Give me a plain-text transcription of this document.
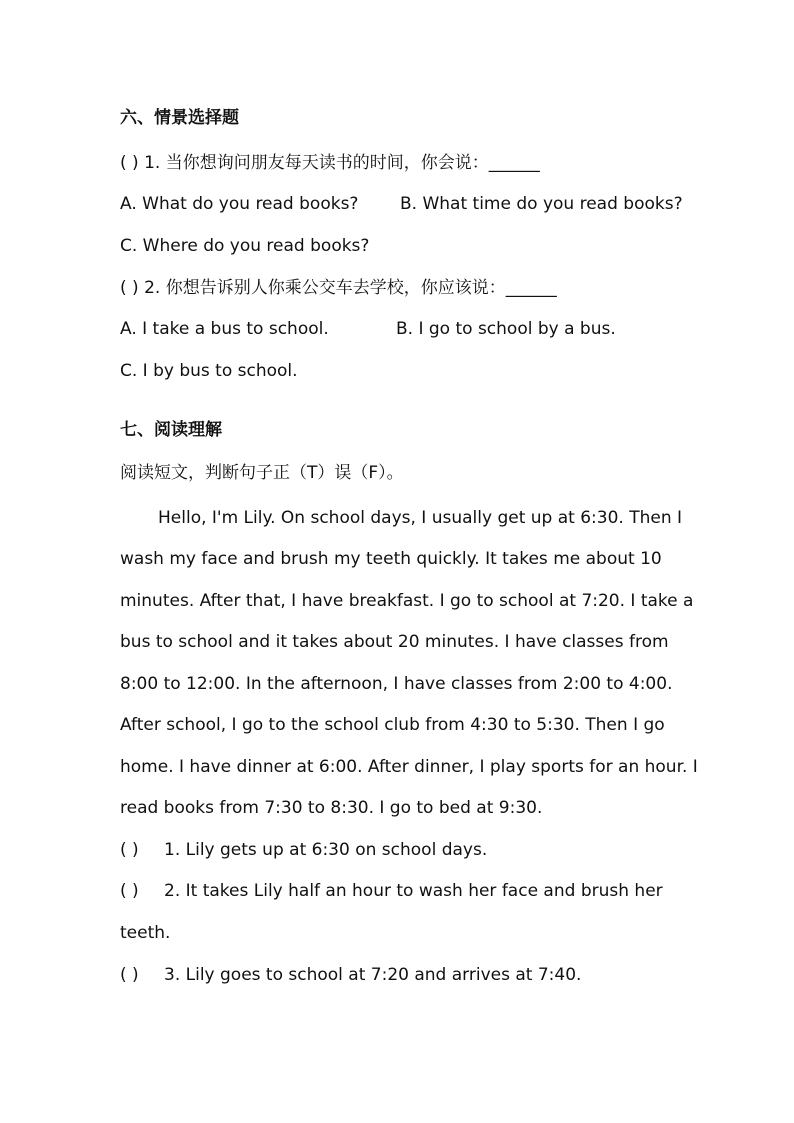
六、情景选择题
( ) 1. 当你想询问朋友每天读书的时间，你会说：______
A. What do you read books? B. What time do you read books?
C. Where do you read books?
( ) 2. 你想告诉别人你乘公交车去学校，你应该说：______
A. I take a bus to school.	B. I go to school by a bus.
C. I by bus to school.
七、阅读理解
阅读短文，判断句子正（T）误（F）。
Hello, I'm Lily. On school days, I usually get up at 6:30. Then I
wash my face and brush my teeth quickly. It takes me about 10
minutes. After that, I have breakfast. I go to school at 7:20. I take a
bus to school and it takes about 20 minutes. I have classes from
8:00 to 12:00. In the afternoon, I have classes from 2:00 to 4:00.
After school, I go to the school club from 4:30 to 5:30. Then I go
home. I have dinner at 6:00. After dinner, I play sports for an hour. I
read books from 7:30 to 8:30. I go to bed at 9:30.
( ) 1. Lily gets up at 6:30 on school days.
( ) 2. It takes Lily half an hour to wash her face and brush her
teeth.
( ) 3. Lily goes to school at 7:20 and arrives at 7:40.
